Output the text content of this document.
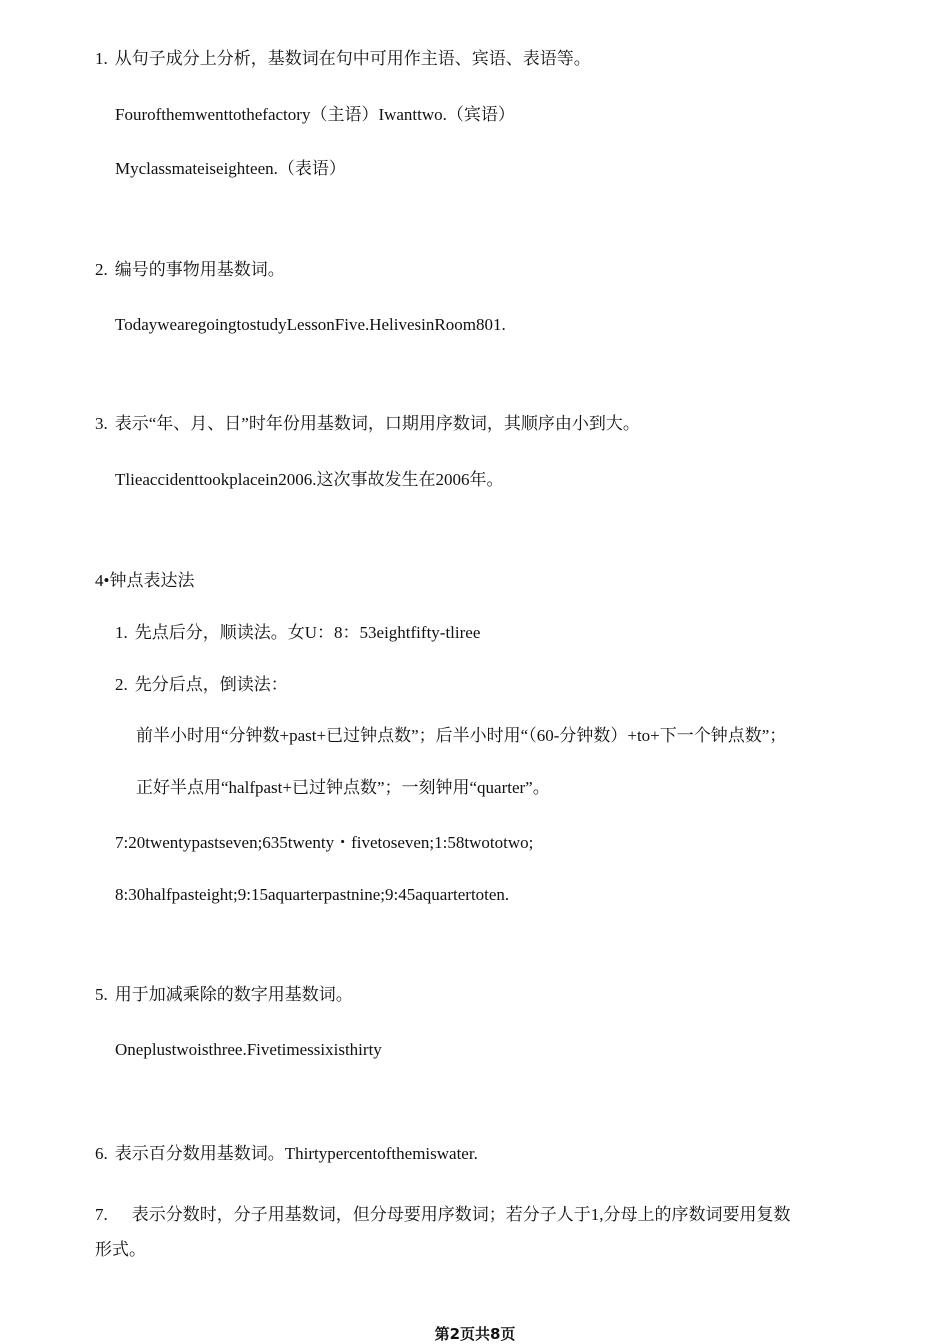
1. 从句子成分上分析，基数词在句中可用作主语、宾语、表语等。
Fourofthemwenttothefactory（主语）Iwanttwo.（宾语）
Myclassmateiseighteen.（表语）
2. 编号的事物用基数词。
TodaywearegoingtostudyLessonFive.HelivesinRoom801.
3. 表示“年、月、日”时年份用基数词，口期用序数词，其顺序由小到大。
Tlieaccidenttookplacein2006.这次事故发生在2006年。
4•钟点表达法
1. 先点后分，顺读法。女U：8：53eightfifty-tliree
2. 先分后点，倒读法：
前半小时用“分钟数+past+已过钟点数”；后半小时用“（60-分钟数）+to+下一个钟点数”；
正好半点用“halfpast+已过钟点数”；一刻钟用“quarter”。
7:20twentypastseven;635twenty・fivetoseven;1:58twototwo;
8:30halfpasteight;9:15aquarterpastnine;9:45aquartertoten.
5. 用于加减乘除的数字用基数词。
Oneplustwoisthree.Fivetimessixisthirty
6. 表示百分数用基数词。Thirtypercentofthemiswater.
7. 表示分数时，分子用基数词，但分母要用序数词；若分子人于1,分母上的序数词要用复数
形式。
第2页共8页
